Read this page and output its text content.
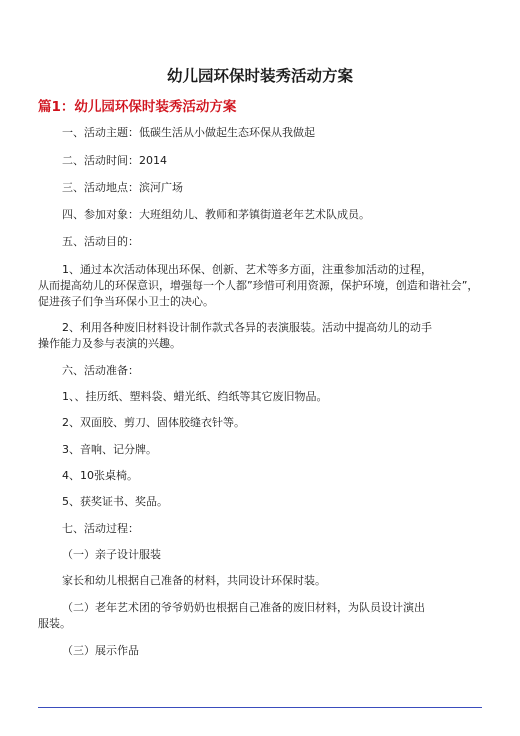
幼儿园环保时装秀活动方案
篇1：幼儿园环保时装秀活动方案

一、活动主题：低碳生活从小做起生态环保从我做起

二、活动时间：2014

三、活动地点：滨河广场

四、参加对象：大班组幼儿、教师和茅镇街道老年艺术队成员。

五、活动目的：

1、通过本次活动体现出环保、创新、艺术等多方面，注重参加活动的过程，

从而提高幼儿的环保意识，增强每一个人都”珍惜可利用资源，保护环境，创造和谐社会”，促进孩子们争当环保小卫士的决心。

2、利用各种废旧材料设计制作款式各异的表演服装。活动中提高幼儿的动手

操作能力及参与表演的兴趣。

六、活动准备：

1、、挂历纸、塑料袋、蜡光纸、绉纸等其它废旧物品。

2、双面胶、剪刀、固体胶缝衣针等。

3、音响、记分牌。

4、10张桌椅。

5、获奖证书、奖品。

七、活动过程：

（一）亲子设计服装

家长和幼儿根据自己准备的材料，共同设计环保时装。

（二）老年艺术团的爷爷奶奶也根据自己准备的废旧材料，为队员设计演出

服装。

（三）展示作品
